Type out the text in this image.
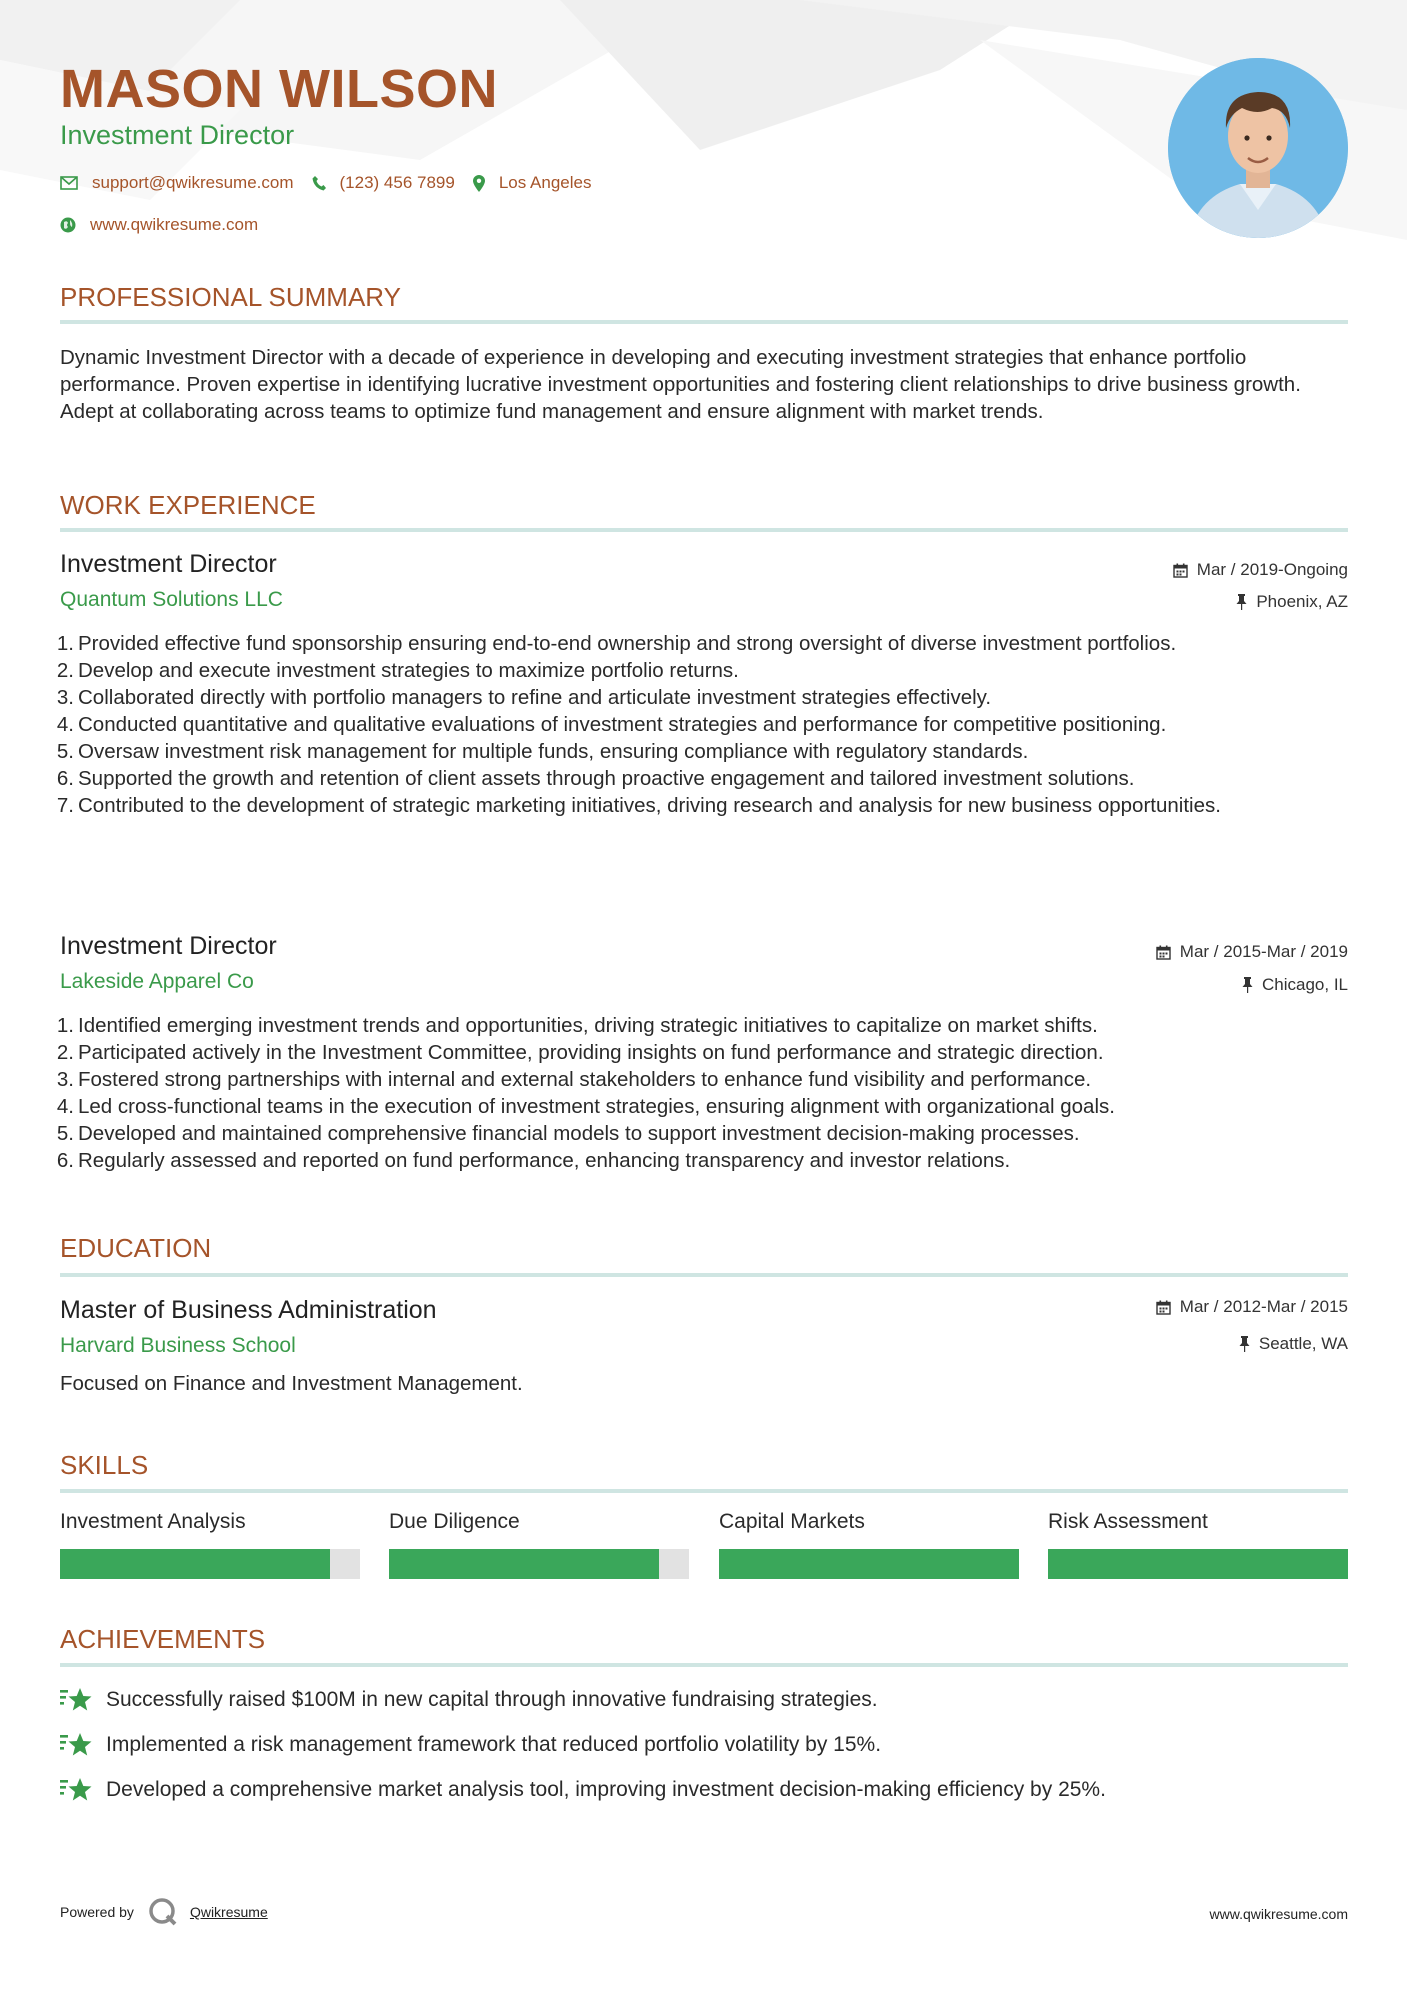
MASON WILSON
Investment Director
support@qwikresume.com	(123) 456 7899	Los Angeles
www.qwikresume.com
PROFESSIONAL SUMMARY
Dynamic Investment Director with a decade of experience in developing and executing investment strategies that enhance portfolio performance. Proven expertise in identifying lucrative investment opportunities and fostering client relationships to drive business growth. Adept at collaborating across teams to optimize fund management and ensure alignment with market trends.
WORK EXPERIENCE
Investment Director	Mar / 2019-Ongoing
Quantum Solutions LLC	Phoenix, AZ
1. Provided effective fund sponsorship ensuring end-to-end ownership and strong oversight of diverse investment portfolios.
2. Develop and execute investment strategies to maximize portfolio returns.
3. Collaborated directly with portfolio managers to refine and articulate investment strategies effectively.
4. Conducted quantitative and qualitative evaluations of investment strategies and performance for competitive positioning.
5. Oversaw investment risk management for multiple funds, ensuring compliance with regulatory standards.
6. Supported the growth and retention of client assets through proactive engagement and tailored investment solutions.
7. Contributed to the development of strategic marketing initiatives, driving research and analysis for new business opportunities.
Investment Director	Mar / 2015-Mar / 2019
Lakeside Apparel Co	Chicago, IL
1. Identified emerging investment trends and opportunities, driving strategic initiatives to capitalize on market shifts.
2. Participated actively in the Investment Committee, providing insights on fund performance and strategic direction.
3. Fostered strong partnerships with internal and external stakeholders to enhance fund visibility and performance.
4. Led cross-functional teams in the execution of investment strategies, ensuring alignment with organizational goals.
5. Developed and maintained comprehensive financial models to support investment decision-making processes.
6. Regularly assessed and reported on fund performance, enhancing transparency and investor relations.
EDUCATION
Master of Business Administration	Mar / 2012-Mar / 2015
Harvard Business School	Seattle, WA
Focused on Finance and Investment Management.
SKILLS
Investment Analysis	Due Diligence	Capital Markets	Risk Assessment
ACHIEVEMENTS
Successfully raised $100M in new capital through innovative fundraising strategies.
Implemented a risk management framework that reduced portfolio volatility by 15%.
Developed a comprehensive market analysis tool, improving investment decision-making efficiency by 25%.
Powered by	Qwikresume	www.qwikresume.com
